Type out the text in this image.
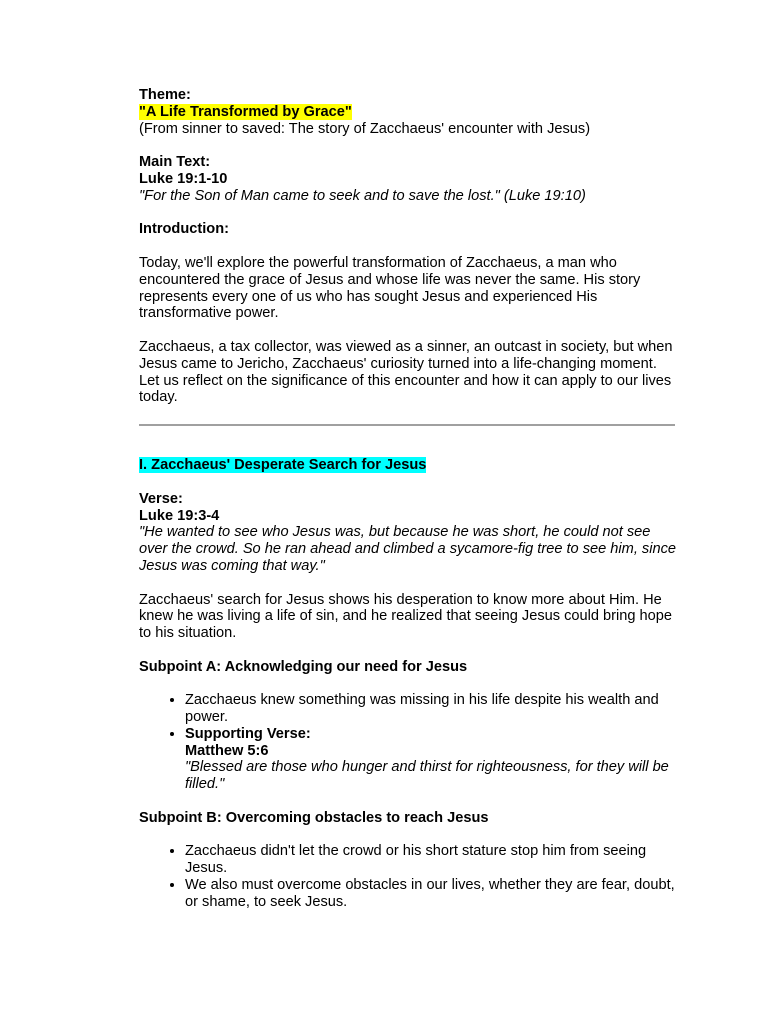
Theme:
"A Life Transformed by Grace"
(From sinner to saved: The story of Zacchaeus' encounter with Jesus)
Main Text:
Luke 19:1-10
"For the Son of Man came to seek and to save the lost." (Luke 19:10)
Introduction:
Today, we'll explore the powerful transformation of Zacchaeus, a man who encountered the grace of Jesus and whose life was never the same. His story represents every one of us who has sought Jesus and experienced His transformative power.
Zacchaeus, a tax collector, was viewed as a sinner, an outcast in society, but when Jesus came to Jericho, Zacchaeus' curiosity turned into a life-changing moment. Let us reflect on the significance of this encounter and how it can apply to our lives today.
I. Zacchaeus' Desperate Search for Jesus
Verse:
Luke 19:3-4
"He wanted to see who Jesus was, but because he was short, he could not see over the crowd. So he ran ahead and climbed a sycamore-fig tree to see him, since Jesus was coming that way."
Zacchaeus' search for Jesus shows his desperation to know more about Him. He knew he was living a life of sin, and he realized that seeing Jesus could bring hope to his situation.
Subpoint A: Acknowledging our need for Jesus
• Zacchaeus knew something was missing in his life despite his wealth and power.
• Supporting Verse:
Matthew 5:6
"Blessed are those who hunger and thirst for righteousness, for they will be filled."
Subpoint B: Overcoming obstacles to reach Jesus
• Zacchaeus didn't let the crowd or his short stature stop him from seeing Jesus.
• We also must overcome obstacles in our lives, whether they are fear, doubt, or shame, to seek Jesus.
